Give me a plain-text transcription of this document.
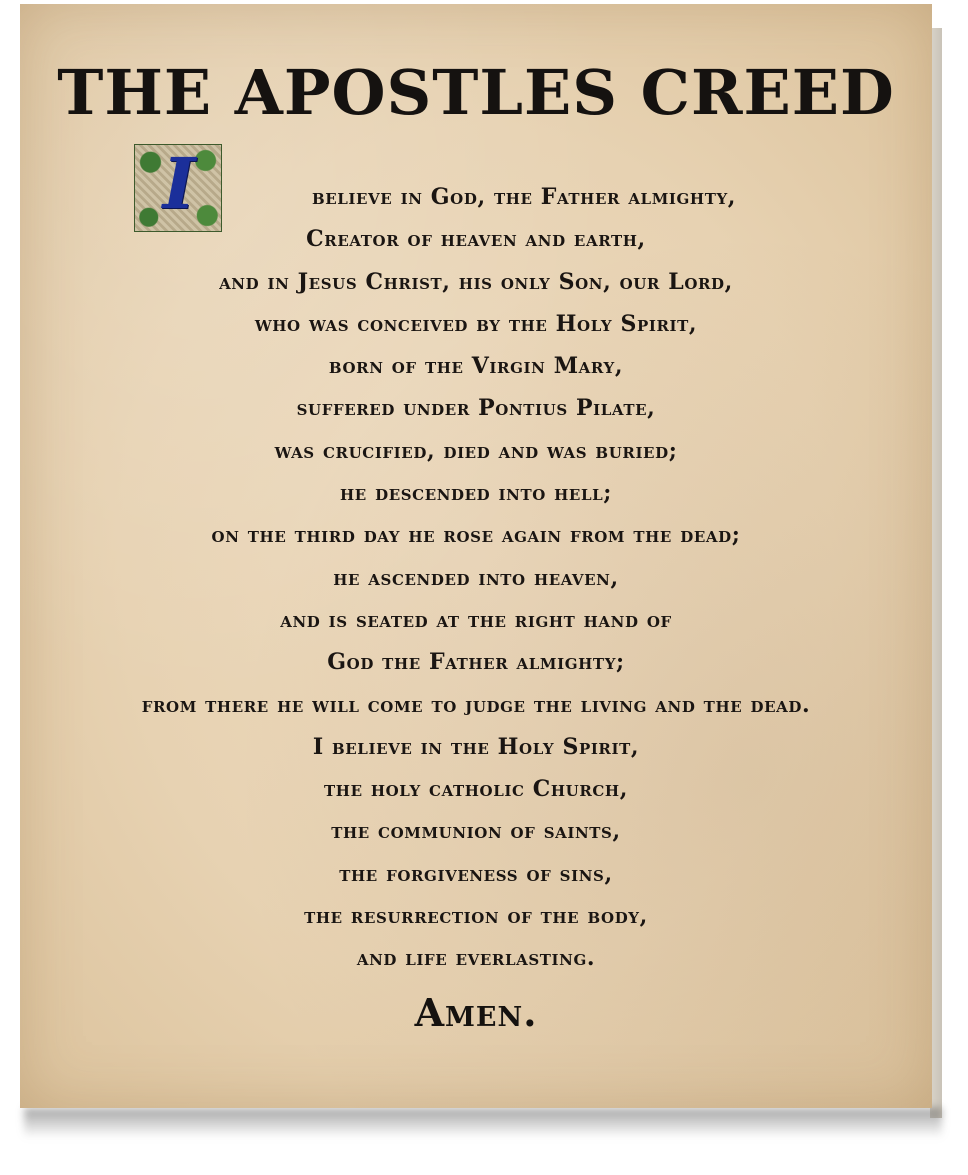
THE APOSTLES CREED
I	believe in God, the Father almighty,
Creator of heaven and earth,
and in Jesus Christ, his only Son, our Lord,
who was conceived by the Holy Spirit,
born of the Virgin Mary,
suffered under Pontius Pilate,
was crucified, died and was buried;
he descended into hell;
on the third day he rose again from the dead;
he ascended into heaven,
and is seated at the right hand of
God the Father almighty;
from there he will come to judge the living and the dead.
I believe in the Holy Spirit,
the holy catholic Church,
the communion of saints,
the forgiveness of sins,
the resurrection of the body,
and life everlasting.
Amen.
